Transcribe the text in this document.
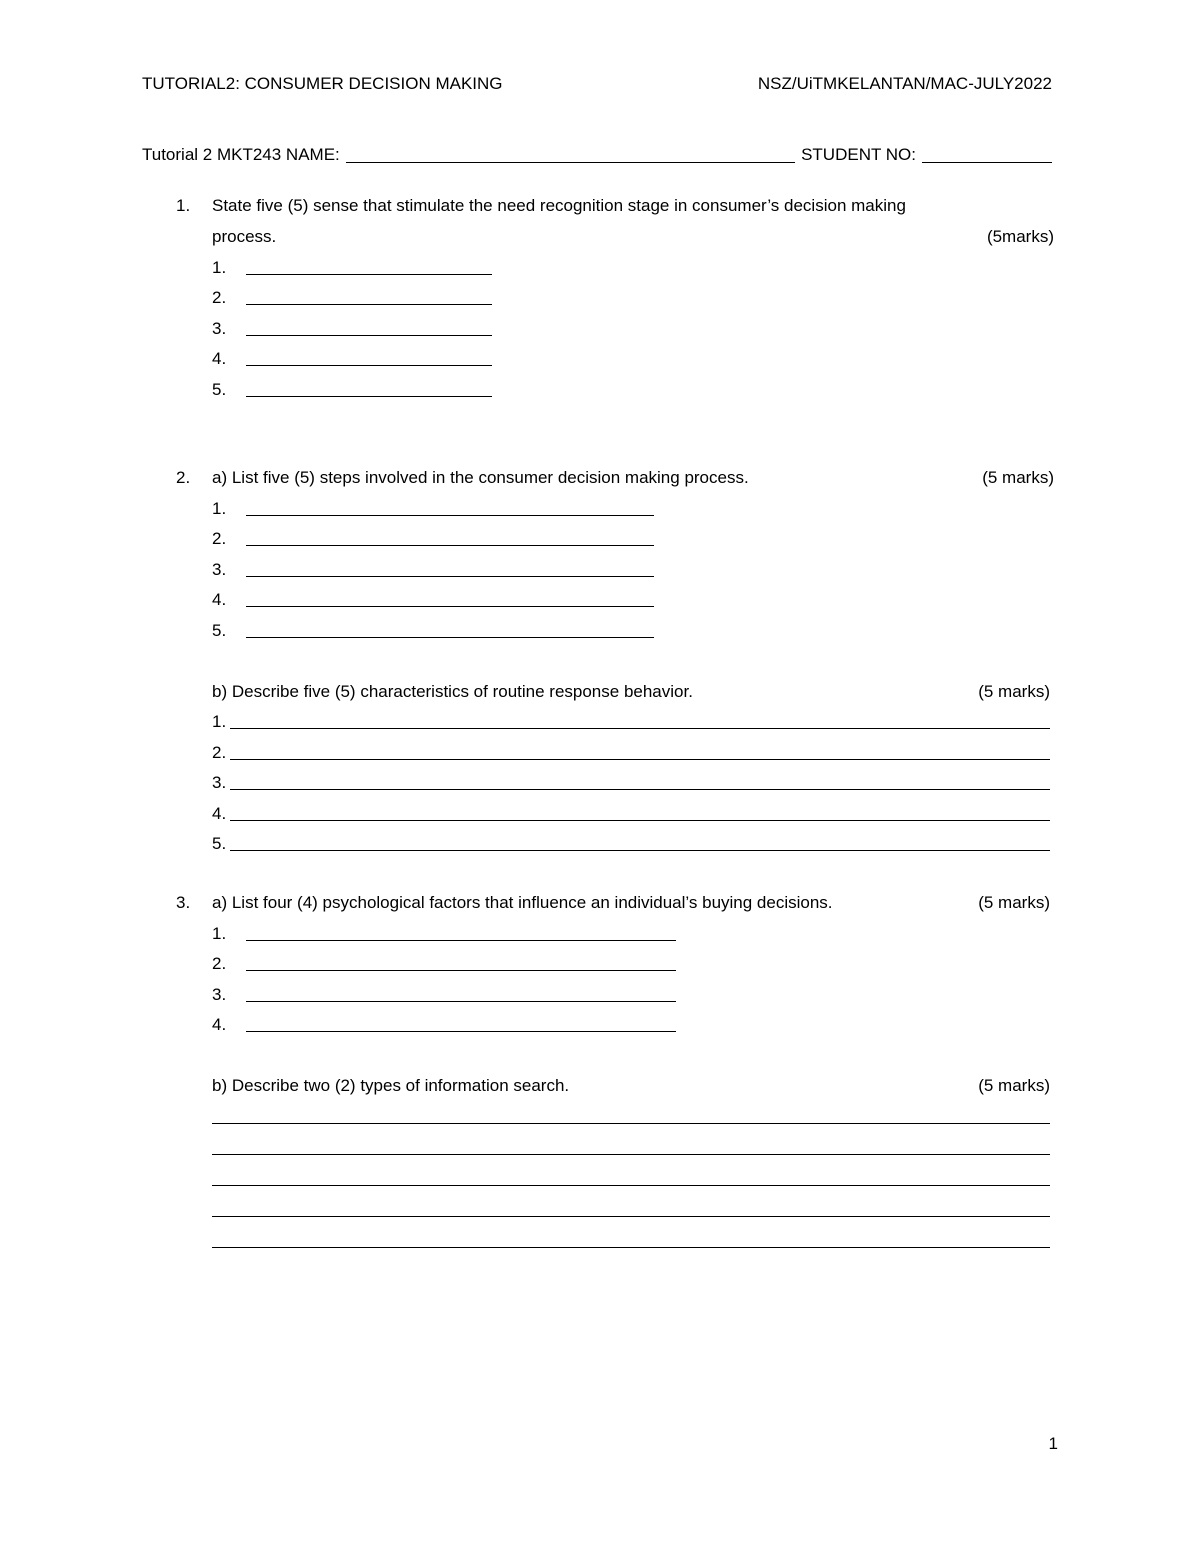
TUTORIAL2: CONSUMER DECISION MAKING	NSZ/UiTMKELANTAN/MAC-JULY2022
Tutorial 2 MKT243 NAME:	STUDENT NO:
1.	State five (5) sense that stimulate the need recognition stage in consumer’s decision making
process.	(5marks)
1.
2.
3.
4.
5.
2.	a) List five (5) steps involved in the consumer decision making process.	(5 marks)
1.
2.
3.
4.
5.
b) Describe five (5) characteristics of routine response behavior.	(5 marks)
1.
2.
3.
4.
5.
3.	a) List four (4) psychological factors that influence an individual’s buying decisions.	(5 marks)
1.
2.
3.
4.
b) Describe two (2) types of information search.	(5 marks)
1
